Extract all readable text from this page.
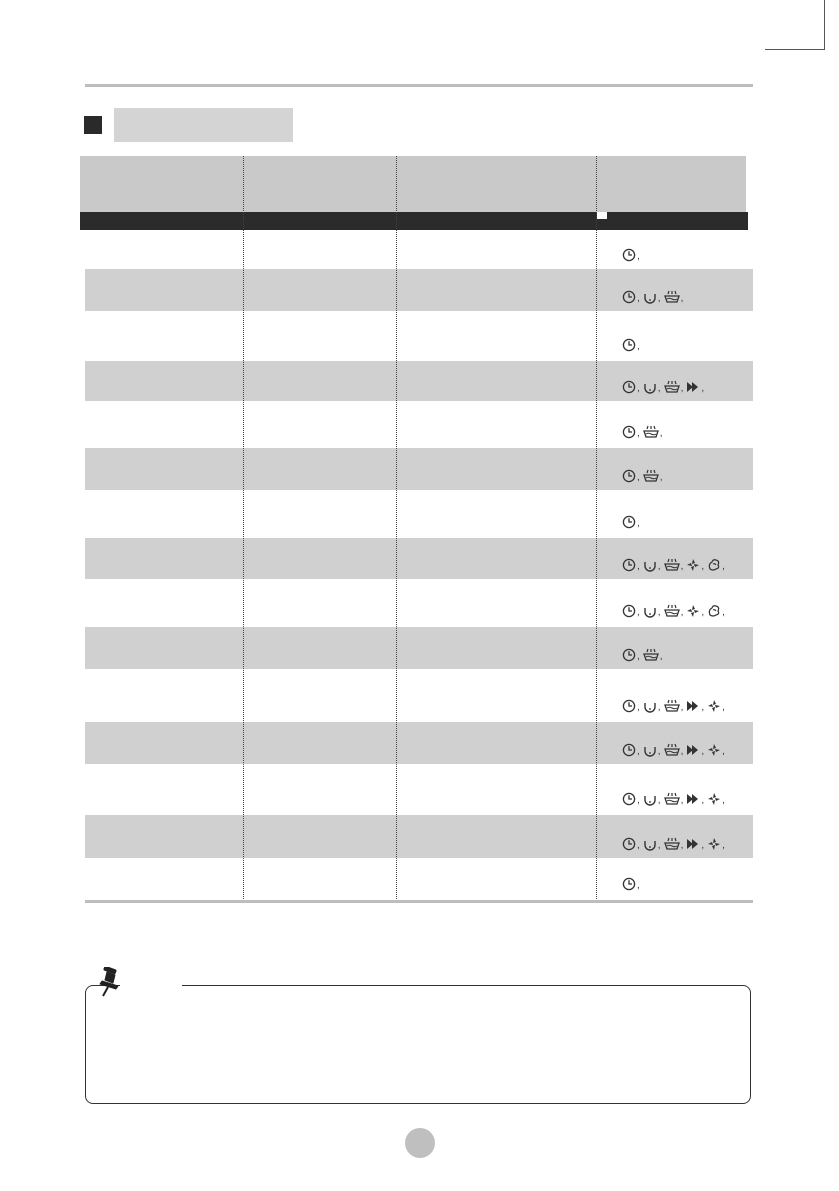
,
, , ,
,
, , , ,
, ,
, ,
,
, , , , ,
, , , , ,
, ,
, , , , ,
, , , , ,
, , , , ,
, , , , ,
,
